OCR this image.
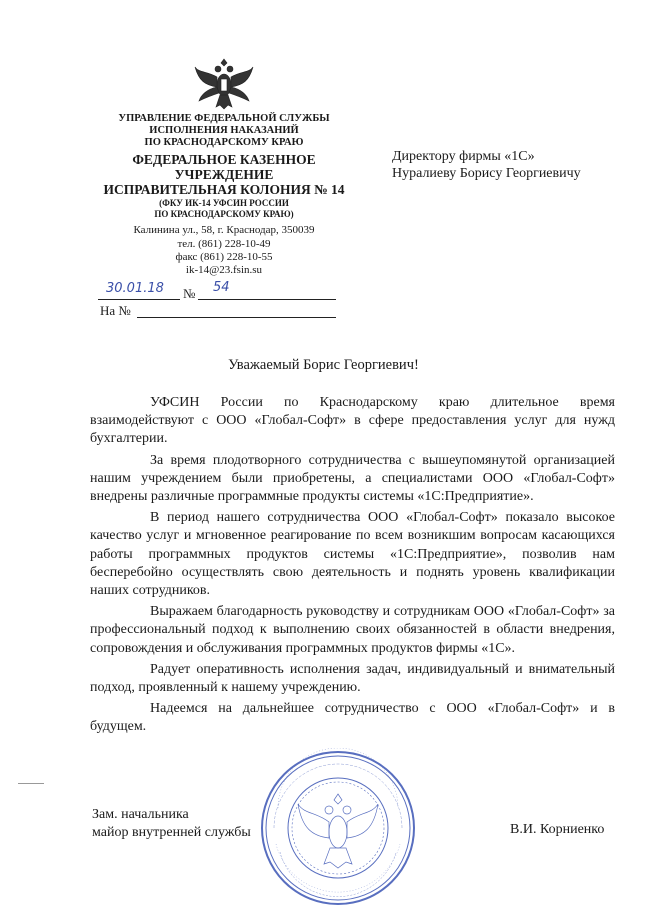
УПРАВЛЕНИЕ ФЕДЕРАЛЬНОЙ СЛУЖБЫ
ИСПОЛНЕНИЯ НАКАЗАНИЙ
ПО КРАСНОДАРСКОМУ КРАЮ
ФЕДЕРАЛЬНОЕ КАЗЕННОЕ
УЧРЕЖДЕНИЕ
ИСПРАВИТЕЛЬНАЯ КОЛОНИЯ № 14
(ФКУ ИК-14 УФСИН РОССИИ
ПО КРАСНОДАРСКОМУ КРАЮ)
Калинина ул., 58, г. Краснодар, 350039
тел. (861) 228-10-49
факс (861) 228-10-55
ik-14@23.fsin.su
30.01.18 № 54
На №
Директору фирмы «1С»
Нуралиеву Борису Георгиевичу
Уважаемый Борис Георгиевич!

УФСИН России по Краснодарскому краю длительное время взаимодействуют с ООО «Глобал-Софт» в сфере предоставления услуг для нужд бухгалтерии.

За время плодотворного сотрудничества с вышеупомянутой организацией нашим учреждением были приобретены, а специалистами ООО «Глобал-Софт» внедрены различные программные продукты системы «1С:Предприятие».

В период нашего сотрудничества ООО «Глобал-Софт» показало высокое качество услуг и мгновенное реагирование по всем возникшим вопросам касающихся работы программных продуктов системы «1С:Предприятие», позволив нам бесперебойно осуществлять свою деятельность и поднять уровень квалификации наших сотрудников.

Выражаем благодарность руководству и сотрудникам ООО «Глобал-Софт» за профессиональный подход к выполнению своих обязанностей в области внедрения, сопровождения и обслуживания программных продуктов фирмы «1С».

Радует оперативность исполнения задач, индивидуальный и внимательный подход, проявленный к нашему учреждению.

Надеемся на дальнейшее сотрудничество с ООО «Глобал-Софт» и в будущем.

Зам. начальника
майор внутренней службы	В.И. Корниенко
